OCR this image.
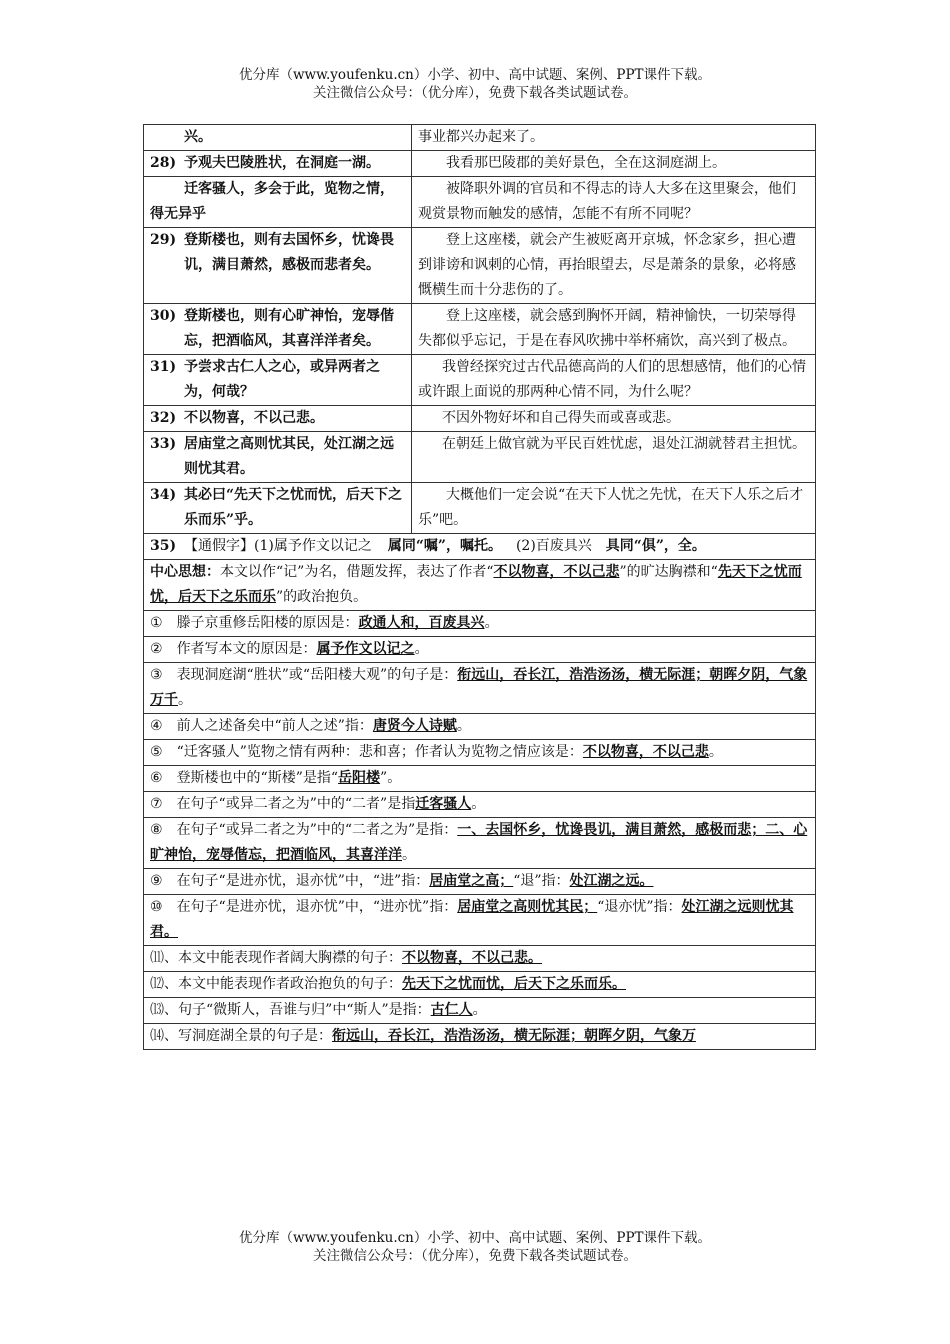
优分库（www.youfenku.cn）小学、初中、高中试题、案例、PPT课件下载。
关注微信公众号：（优分库），免费下载各类试题试卷。
兴。	事业都兴办起来了。

28) 予观夫巴陵胜状，在洞庭一湖。	我看那巴陵郡的美好景色，全在这洞庭湖上。

迁客骚人，多会于此，览物之情，得无异乎	被降职外调的官员和不得志的诗人大多在这里聚会，他们观赏景物而触发的感情，怎能不有所不同呢？

29) 登斯楼也，则有去国怀乡，忧谗畏讥，满目萧然，感极而悲者矣。	登上这座楼，就会产生被贬离开京城，怀念家乡，担心遭到诽谤和讽刺的心情，再抬眼望去，尽是萧条的景象，必将感慨横生而十分悲伤的了。

30) 登斯楼也，则有心旷神怡，宠辱偕忘，把酒临风，其喜洋洋者矣。	登上这座楼，就会感到胸怀开阔，精神愉快，一切荣辱得失都似乎忘记，于是在春风吹拂中举杯痛饮，高兴到了极点。

31) 予尝求古仁人之心，或异两者之为，何哉？	我曾经探究过古代品德高尚的人们的思想感情，他们的心情或许跟上面说的那两种心情不同，为什么呢？

32) 不以物喜，不以己悲。	不因外物好坏和自己得失而或喜或悲。

33) 居庙堂之高则忧其民，处江湖之远则忧其君。	在朝廷上做官就为平民百姓忧虑，退处江湖就替君主担忧。

34) 其必曰“先天下之忧而忧，后天下之乐而乐”乎。	大概他们一定会说“在天下人忧之先忧，在天下人乐之后才乐”吧。

35) 【通假字】(1)属予作文以记之 属同“嘱”，嘱托。 (2)百废具兴 具同“俱”，全。	

中心思想：本文以作“记”为名，借题发挥，表达了作者“不以物喜，不以己悲”的旷达胸襟和“先天下之忧而忧，后天下之乐而乐”的政治抱负。	
① 滕子京重修岳阳楼的原因是：政通人和，百废具兴。	
② 作者写本文的原因是：属予作文以记之。	
③ 表现洞庭湖“胜状”或“岳阳楼大观”的句子是：衔远山，吞长江，浩浩汤汤，横无际涯；朝晖夕阴，气象万千。	
④ 前人之述备矣中“前人之述”指：唐贤今人诗赋。	
⑤ “迁客骚人”览物之情有两种：悲和喜；作者认为览物之情应该是：不以物喜，不以己悲。	
⑥ 登斯楼也中的“斯楼”是指“岳阳楼”。	
⑦ 在句子“或异二者之为”中的“二者”是指迁客骚人。	
⑧ 在句子“或异二者之为”中的“二者之为”是指：一、去国怀乡，忧谗畏讥，满目萧然，感极而悲；二、心旷神怡，宠辱偕忘，把酒临风，其喜洋洋。	
⑨ 在句子“是进亦忧，退亦忧”中，“进”指：居庙堂之高；“退”指：处江湖之远。	
⑩ 在句子“是进亦忧，退亦忧”中，“进亦忧”指：居庙堂之高则忧其民；“退亦忧”指：处江湖之远则忧其君。	
⑾、本文中能表现作者阔大胸襟的句子：不以物喜，不以己悲。	
⑿、本文中能表现作者政治抱负的句子：先天下之忧而忧，后天下之乐而乐。	
⒀、句子“微斯人，吾谁与归”中“斯人”是指：古仁人。	
⒁、写洞庭湖全景的句子是：衔远山，吞长江，浩浩汤汤，横无际涯；朝晖夕阴，气象万	
优分库（www.youfenku.cn）小学、初中、高中试题、案例、PPT课件下载。
关注微信公众号：（优分库），免费下载各类试题试卷。
